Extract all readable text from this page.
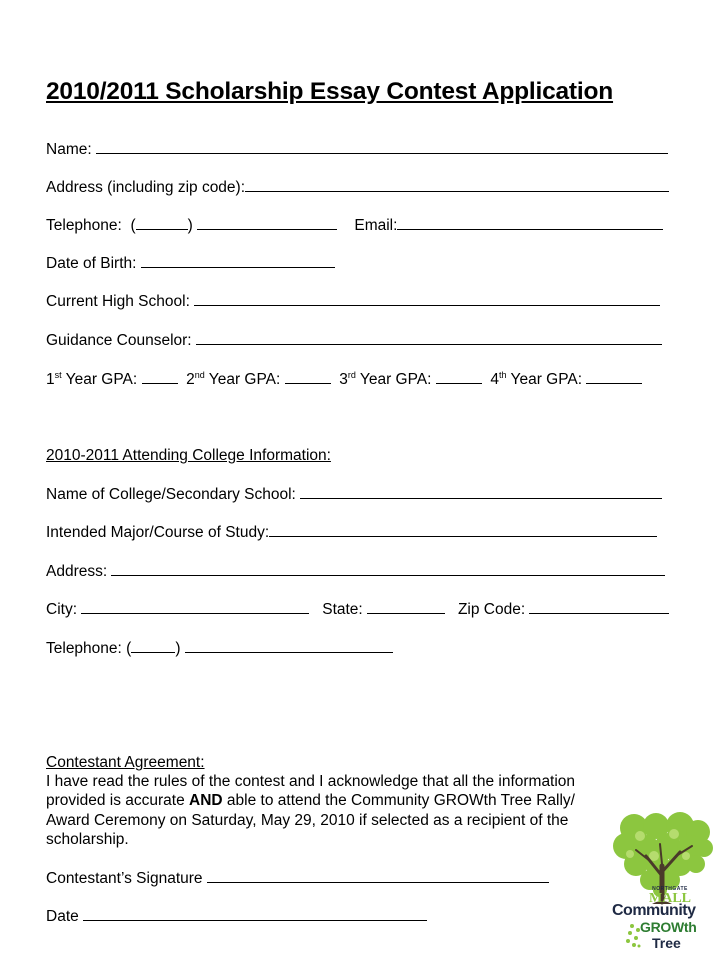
2010/2011 Scholarship Essay Contest Application
Name:
Address (including zip code):
Telephone: (	)	Email:
Date of Birth:
Current High School:
Guidance Counselor:
1st Year GPA:	2nd Year GPA:	3rd Year GPA:	4th Year GPA:
2010-2011 Attending College Information:
Name of College/Secondary School:
Intended Major/Course of Study:
Address:
City:	State:	Zip Code:
Telephone: (	)
Contestant Agreement:
I have read the rules of the contest and I acknowledge that all the information provided is accurate AND able to attend the Community GROWth Tree Rally/ Award Ceremony on Saturday, May 29, 2010 if selected as a recipient of the scholarship.
Contestant’s Signature
Date
NORTHGATE
MALL
Community
GROWth
Tree
